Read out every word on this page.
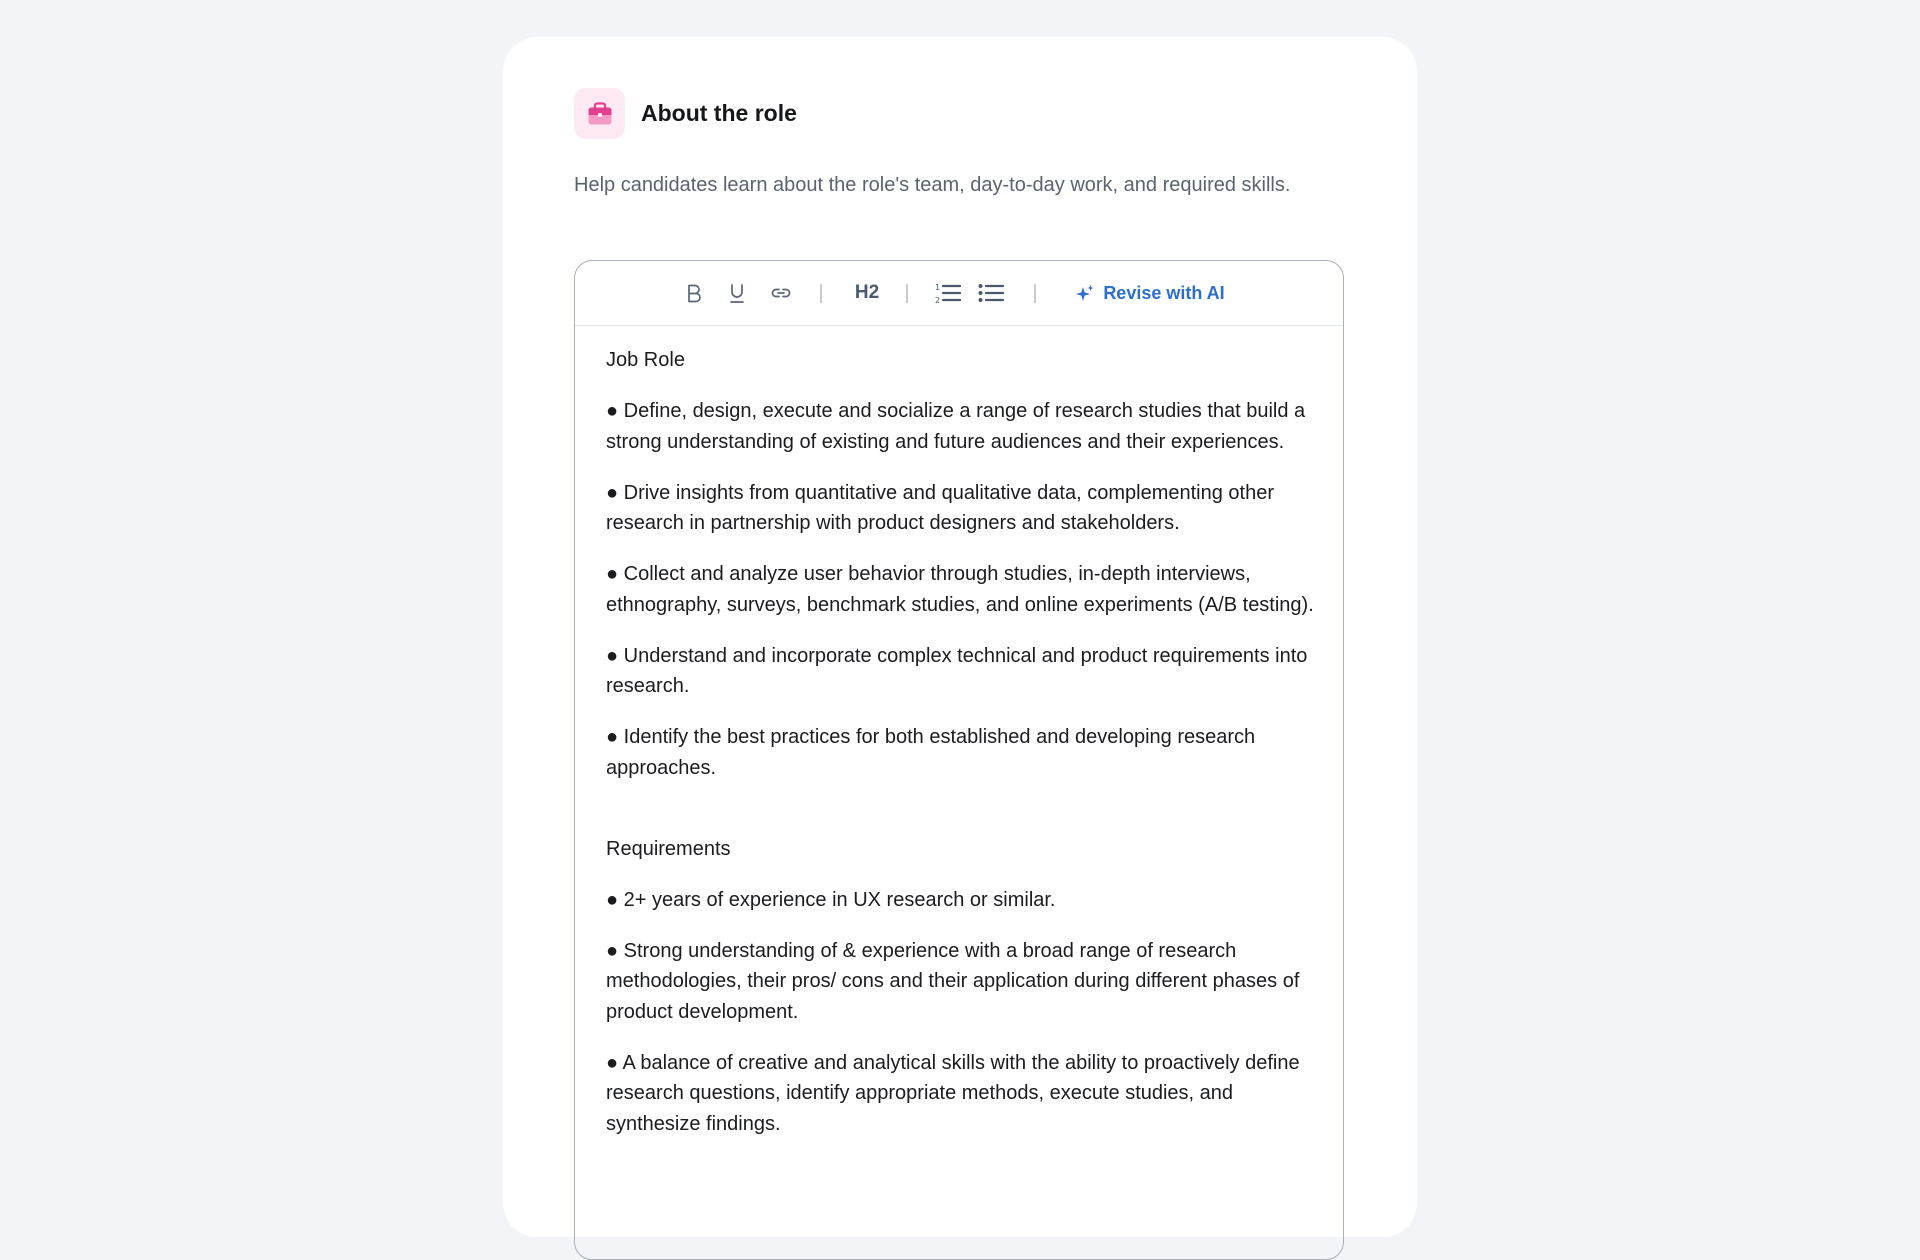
About the role
Help candidates learn about the role's team, day-to-day work, and required skills.
H2	1
2	Revise with AI

Job Role

● Define, design, execute and socialize a range of research studies that build a strong understanding of existing and future audiences and their experiences.

● Drive insights from quantitative and qualitative data, complementing other research in partnership with product designers and stakeholders.

● Collect and analyze user behavior through studies, in-depth interviews, ethnography, surveys, benchmark studies, and online experiments (A/B testing).

● Understand and incorporate complex technical and product requirements into research.

● Identify the best practices for both established and developing research approaches.

Requirements

● 2+ years of experience in UX research or similar.

● Strong understanding of & experience with a broad range of research methodologies, their pros/ cons and their application during different phases of product development.

● A balance of creative and analytical skills with the ability to proactively define research questions, identify appropriate methods, execute studies, and synthesize findings.
